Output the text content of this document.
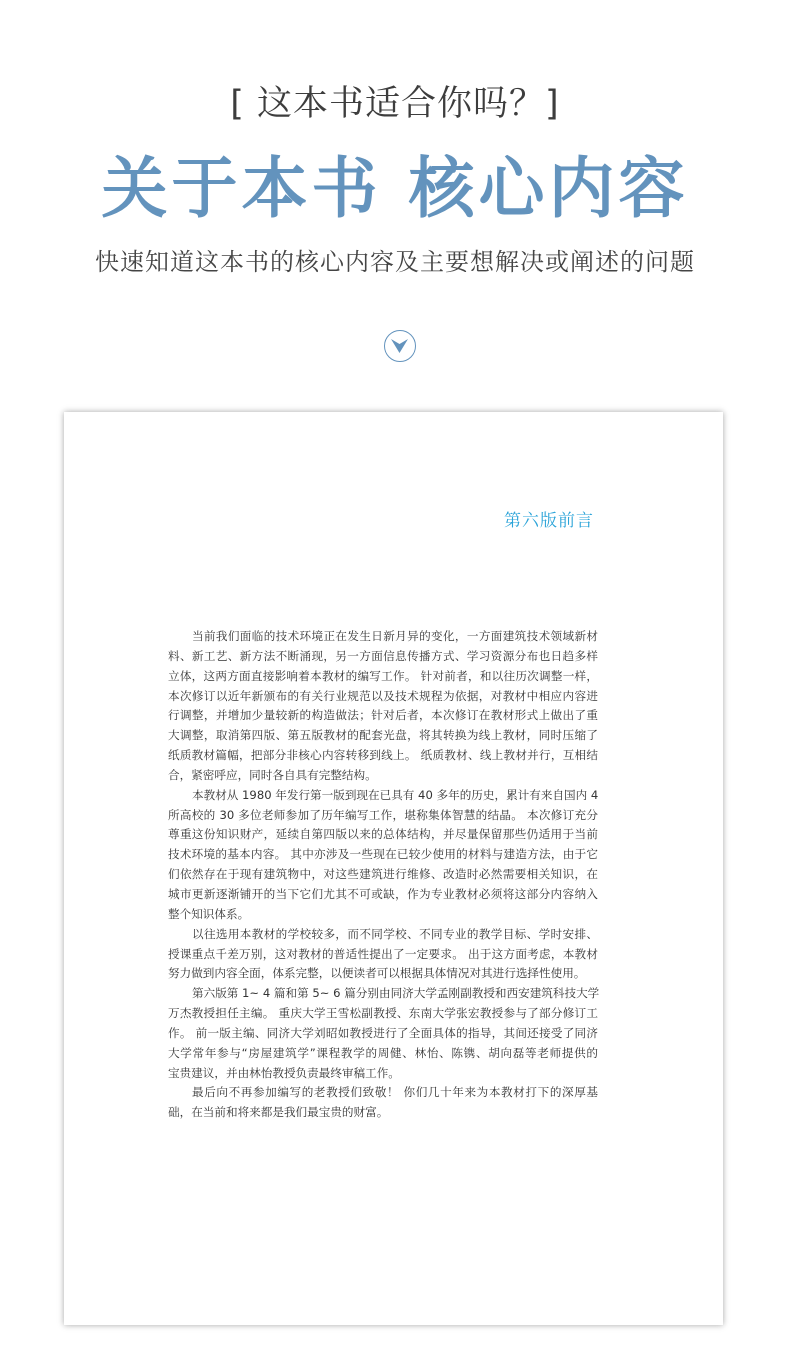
[ 这本书适合你吗？]
关于本书 核心内容
快速知道这本书的核心内容及主要想解决或阐述的问题
第六版前言
当前我们面临的技术环境正在发生日新月异的变化，一方面建筑技术领域新材
料、新工艺、新方法不断涌现，另一方面信息传播方式、学习资源分布也日趋多样
立体，这两方面直接影响着本教材的编写工作。 针对前者，和以往历次调整一样，
本次修订以近年新颁布的有关行业规范以及技术规程为依据，对教材中相应内容进
行调整，并增加少量较新的构造做法；针对后者，本次修订在教材形式上做出了重
大调整，取消第四版、第五版教材的配套光盘，将其转换为线上教材，同时压缩了
纸质教材篇幅，把部分非核心内容转移到线上。 纸质教材、线上教材并行，互相结
合，紧密呼应，同时各自具有完整结构。
本教材从 1980 年发行第一版到现在已具有 40 多年的历史，累计有来自国内 4
所高校的 30 多位老师参加了历年编写工作，堪称集体智慧的结晶。 本次修订充分
尊重这份知识财产，延续自第四版以来的总体结构，并尽量保留那些仍适用于当前
技术环境的基本内容。 其中亦涉及一些现在已较少使用的材料与建造方法，由于它
们依然存在于现有建筑物中，对这些建筑进行维修、改造时必然需要相关知识，在
城市更新逐渐铺开的当下它们尤其不可或缺，作为专业教材必须将这部分内容纳入
整个知识体系。
以往选用本教材的学校较多，而不同学校、不同专业的教学目标、学时安排、
授课重点千差万别，这对教材的普适性提出了一定要求。 出于这方面考虑，本教材
努力做到内容全面，体系完整，以便读者可以根据具体情况对其进行选择性使用。
第六版第 1~ 4 篇和第 5~ 6 篇分别由同济大学孟刚副教授和西安建筑科技大学
万杰教授担任主编。 重庆大学王雪松副教授、东南大学张宏教授参与了部分修订工
作。 前一版主编、同济大学刘昭如教授进行了全面具体的指导，其间还接受了同济
大学常年参与“房屋建筑学”课程教学的周健、林怡、陈镌、胡向磊等老师提供的
宝贵建议，并由林怡教授负责最终审稿工作。
最后向不再参加编写的老教授们致敬！ 你们几十年来为本教材打下的深厚基
础，在当前和将来都是我们最宝贵的财富。
